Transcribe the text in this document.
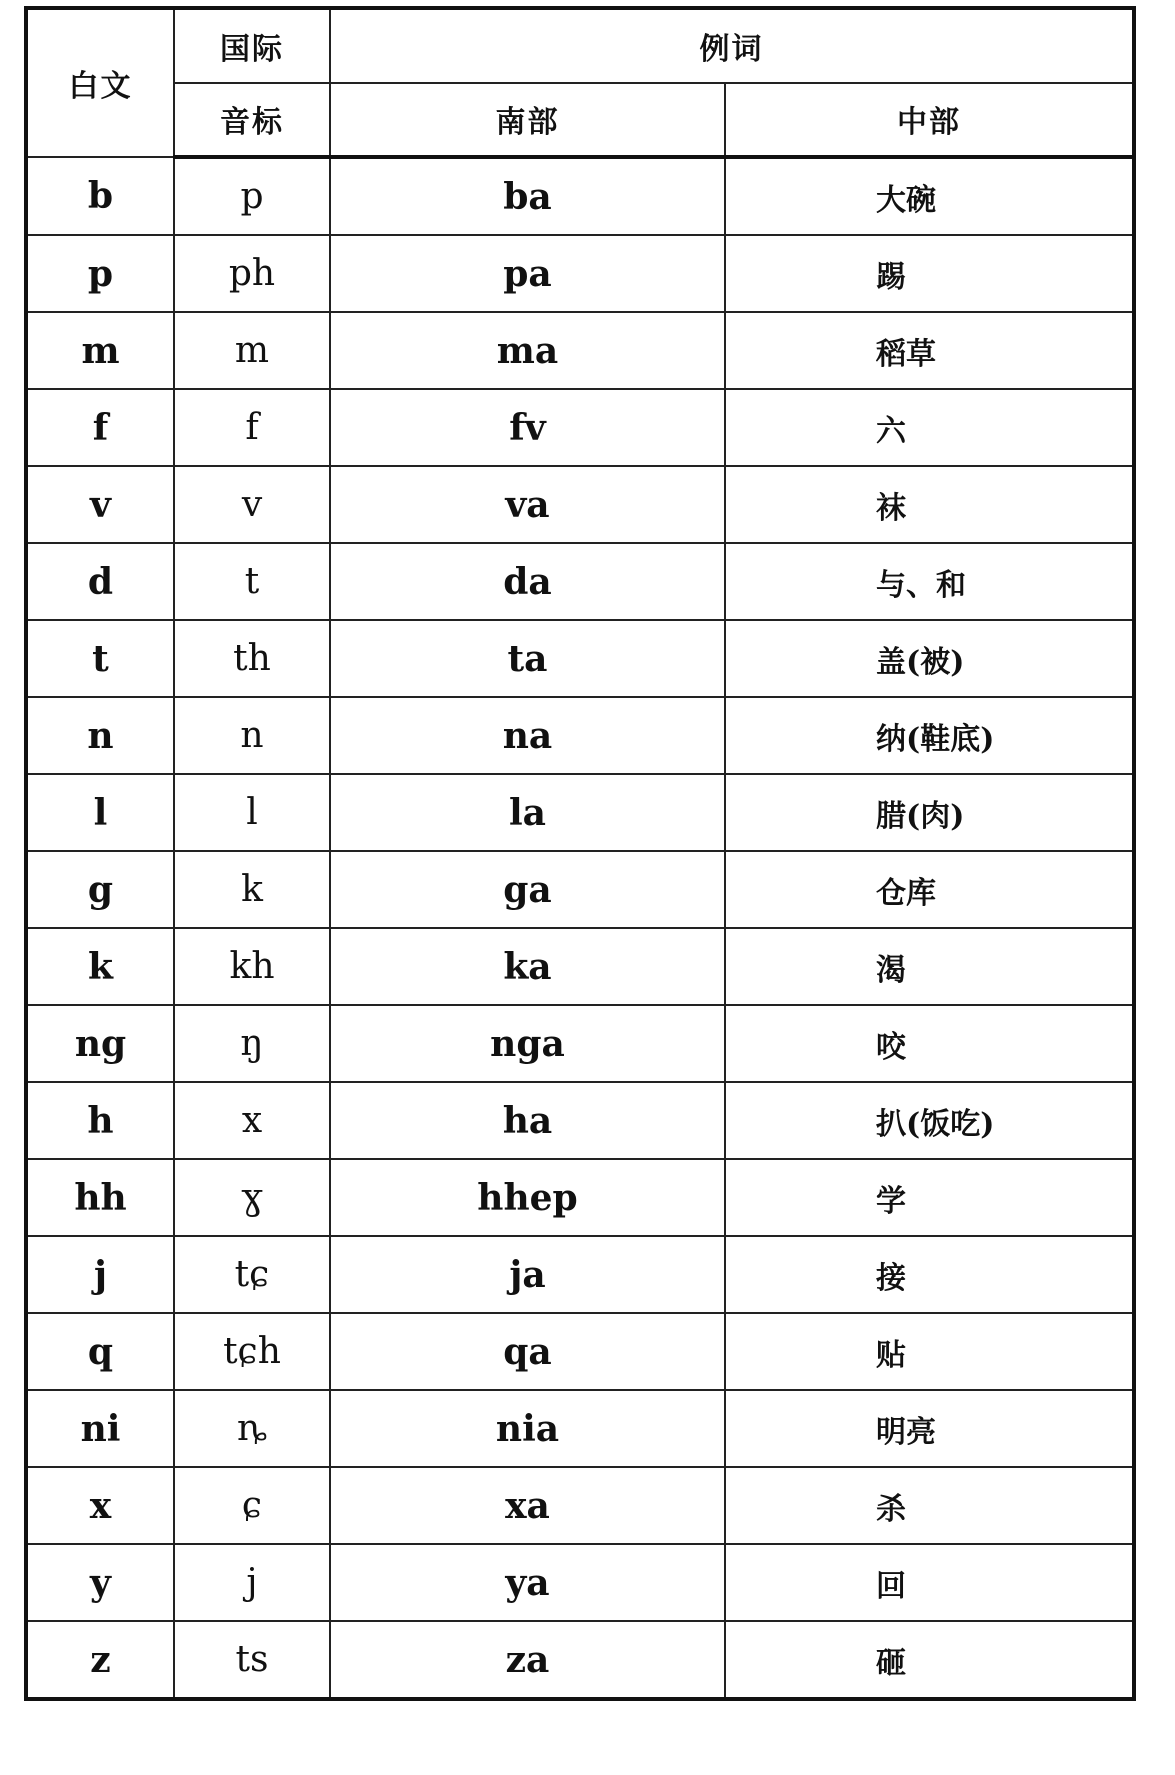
白文	国际	例词	
	音标	南部	中部
b	p	ba	大碗
p	ph	pa	踢
m	m	ma	稻草
f	f	fv	六
v	v	va	袜
d	t	da	与、和
t	th	ta	盖(被)
n	n	na	纳(鞋底)
l	l	la	腊(肉)
g	k	ga	仓库
k	kh	ka	渴
ng	ŋ	nga	咬
h	x	ha	扒(饭吃)
hh	ɣ	hhep	学
j	tɕ	ja	接
q	tɕh	qa	贴
ni	ȵ	nia	明亮
x	ɕ	xa	杀
y	j	ya	回
z	ts	za	砸
